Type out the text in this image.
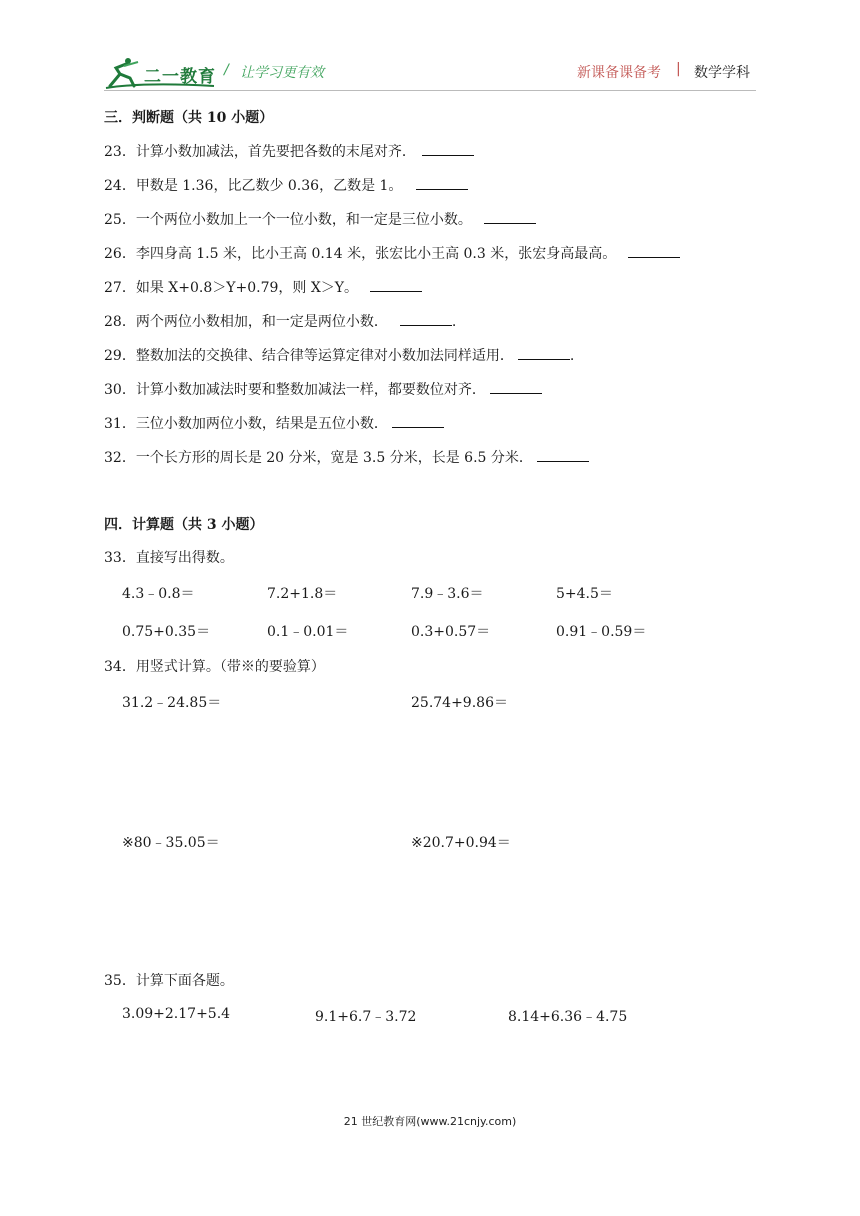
二一教育 / 让学习更有效	新课备课备考 | 数学学科
三．判断题（共 10 小题）
23．计算小数加减法，首先要把各数的末尾对齐．
24．甲数是 1.36，比乙数少 0.36，乙数是 1。
25．一个两位小数加上一个一位小数，和一定是三位小数。
26．李四身高 1.5 米，比小王高 0.14 米，张宏比小王高 0.3 米，张宏身高最高。
27．如果 X+0.8＞Y+0.79，则 X＞Y。
28．两个两位小数相加，和一定是两位小数．	.
29．整数加法的交换律、结合律等运算定律对小数加法同样适用．	.
30．计算小数加减法时要和整数加减法一样，都要数位对齐．
31．三位小数加两位小数，结果是五位小数．
32．一个长方形的周长是 20 分米，宽是 3.5 分米，长是 6.5 分米．
四．计算题（共 3 小题）
33．直接写出得数。
4.3﹣0.8＝	7.2+1.8＝	7.9﹣3.6＝	5+4.5＝
0.75+0.35＝	0.1﹣0.01＝	0.3+0.57＝	0.91﹣0.59＝
34．用竖式计算。（带※的要验算）
31.2﹣24.85＝	25.74+9.86＝
※80﹣35.05＝	※20.7+0.94＝
35．计算下面各题。
3.09+2.17+5.4	9.1+6.7﹣3.72	8.14+6.36﹣4.75
21 世纪教育网(www.21cnjy.com)
